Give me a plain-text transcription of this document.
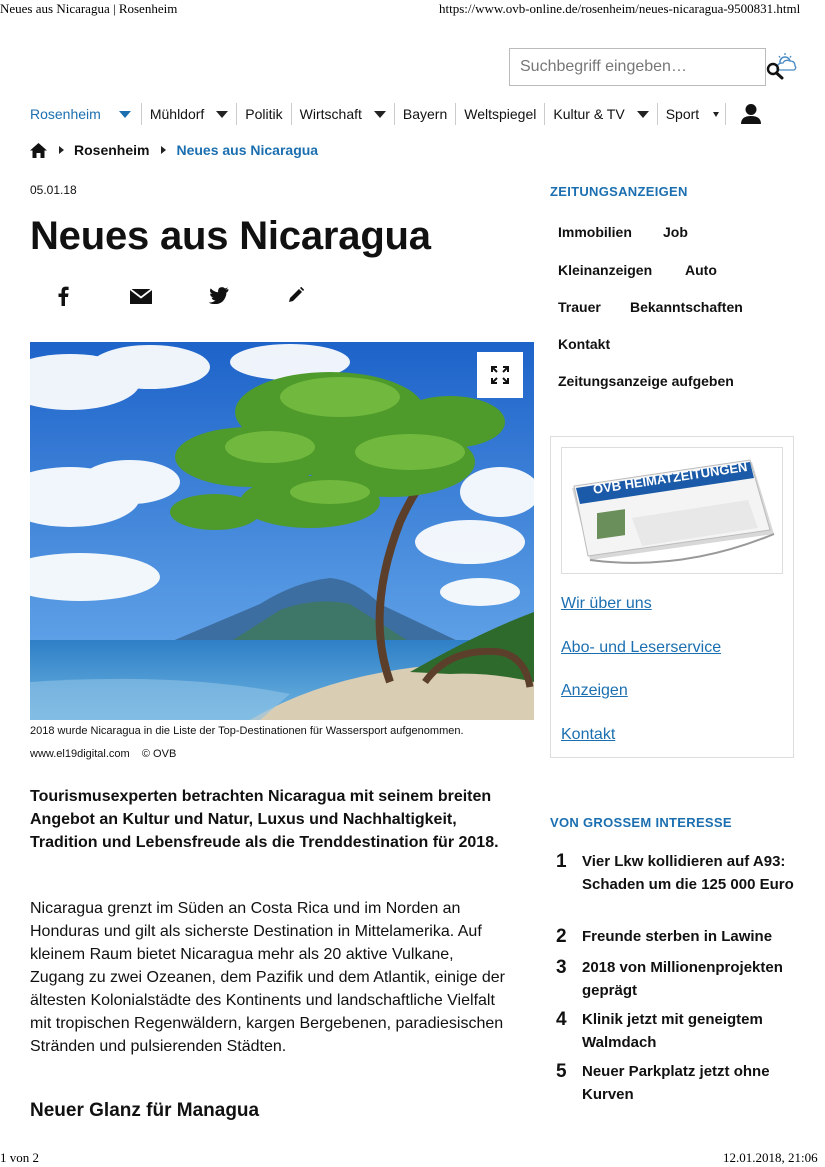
Neues aus Nicaragua | Rosenheim	https://www.ovb-online.de/rosenheim/neues-nicaragua-9500831.html
Suchbegriff eingeben…
Rosenheim	Mühldorf	Politik	Wirtschaft	Bayern	Weltspiegel	Kultur & TV	Sport
Rosenheim Neues aus Nicaragua
05.01.18
Neues aus Nicaragua
2018 wurde Nicaragua in die Liste der Top-Destinationen für Wassersport aufgenommen.
www.el19digital.com © OVB

Tourismusexperten betrachten Nicaragua mit seinem breiten Angebot an Kultur und Natur, Luxus und Nachhaltigkeit, Tradition und Lebensfreude als die Trenddestination für 2018.

Nicaragua grenzt im Süden an Costa Rica und im Norden an Honduras und gilt als sicherste Destination in Mittelamerika. Auf kleinem Raum bietet Nicaragua mehr als 20 aktive Vulkane, Zugang zu zwei Ozeanen, dem Pazifik und dem Atlantik, einige der ältesten Kolonialstädte des Kontinents und landschaftliche Vielfalt mit tropischen Regenwäldern, kargen Bergebenen, paradiesischen Stränden und pulsierenden Städten.

Neuer Glanz für Managua
ZEITUNGSANZEIGEN
Immobilien Job
Kleinanzeigen Auto
Trauer Bekanntschaften
Kontakt
Zeitungsanzeige aufgeben
OVB HEIMATZEITUNGEN
Wir über uns
Abo- und Leserservice
Anzeigen
Kontakt
VON GROSSEM INTERESSE
1 Vier Lkw kollidieren auf A93: Schaden um die 125 000 Euro
2 Freunde sterben in Lawine
3 2018 von Millionenprojekten geprägt
4 Klinik jetzt mit geneigtem Walmdach
5 Neuer Parkplatz jetzt ohne Kurven
1 von 2	12.01.2018, 21:06
